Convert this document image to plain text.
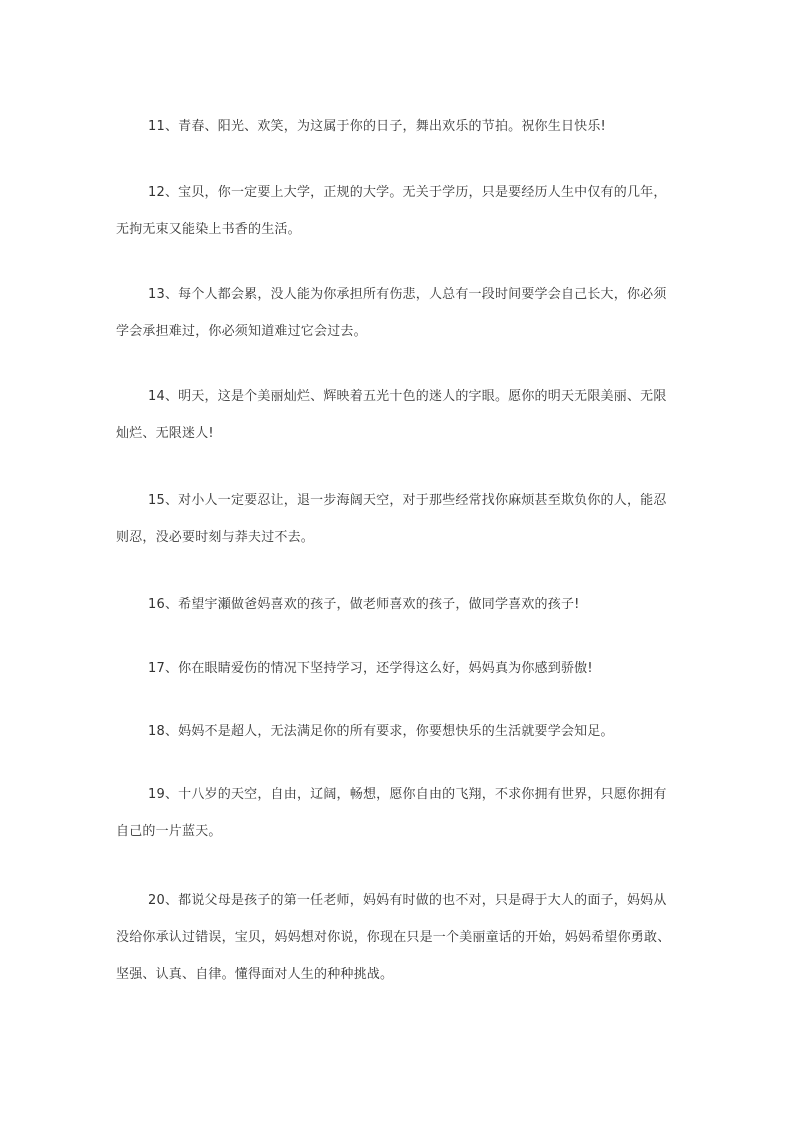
11、青春、阳光、欢笑，为这属于你的日子，舞出欢乐的节拍。祝你生日快乐!

12、宝贝，你一定要上大学，正规的大学。无关于学历，只是要经历人生中仅有的几年，无拘无束又能染上书香的生活。

13、每个人都会累，没人能为你承担所有伤悲，人总有一段时间要学会自己长大，你必须学会承担难过，你必须知道难过它会过去。

14、明天，这是个美丽灿烂、辉映着五光十色的迷人的字眼。愿你的明天无限美丽、无限灿烂、无限迷人!

15、对小人一定要忍让，退一步海阔天空，对于那些经常找你麻烦甚至欺负你的人，能忍则忍，没必要时刻与莽夫过不去。

16、希望宇瀬做爸妈喜欢的孩子，做老师喜欢的孩子，做同学喜欢的孩子!

17、你在眼睛爱伤的情况下坚持学习，还学得这么好，妈妈真为你感到骄傲!

18、妈妈不是超人，无法满足你的所有要求，你要想快乐的生活就要学会知足。

19、十八岁的天空，自由，辽阔，畅想，愿你自由的飞翔，不求你拥有世界，只愿你拥有自己的一片蓝天。

20、都说父母是孩子的第一任老师，妈妈有时做的也不对，只是碍于大人的面子，妈妈从没给你承认过错误，宝贝，妈妈想对你说，你现在只是一个美丽童话的开始，妈妈希望你勇敢、坚强、认真、自律。懂得面对人生的种种挑战。
